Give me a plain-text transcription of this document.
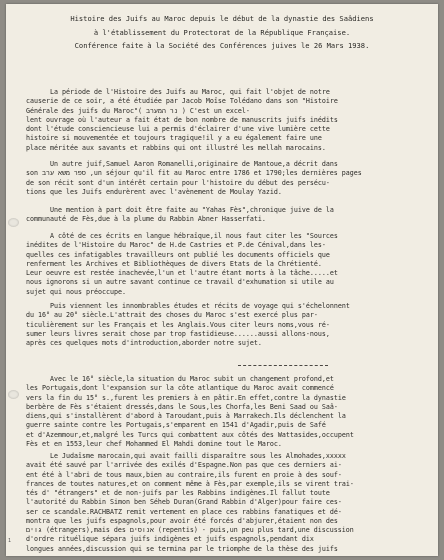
Histoire des Juifs au Maroc depuis le début de la dynastie des Saâdiens

à l'établissement du Protectorat de la République Française.

Conférence faite à la Société des Conférences juives le 26 Mars 1938.

La période de l'Histoire des Juifs au Maroc, qui fait l'objet de notre
causerie de ce soir, a été étudiée par Jacob Moïse Tolédano dans son "Histoire
Générale des juifs du Maroc"( נר המערב ) C'est un excel-
lent ouvrage où l'auteur a fait état de bon nombre de manuscrits juifs inédits
dont l'étude consciencieuse lui a permis d'éclairer d'une vive lumière cette
histoire si mouvementée et toujours tragique!il y a eu également faire une
place méritée aux savants et rabbins qui ont illustré les mellah marocains.
Un autre juif,Samuel Aaron Romanelli,originaire de Mantoue,a décrit dans
son ספר משא ערב ,un séjour qu'il fit au Maroc entre 1786 et 1790;les dernières pages
de son récit sont d'un intérêt certain pour l'histoire du début des persécu-
tions que les Juifs endurèrent avec l'avènement de Moulay Yazid.
Une mention à part doit être faite au "Yahas Fès",chronique juive de la
communauté de Fès,due à la plume du Rabbin Abner Hasserfati.
A côté de ces écrits en langue hébraïque,il nous faut citer les "Sources
inédites de l'Histoire du Maroc" de H.de Castries et P.de Cénival,dans les-
quelles ces infatigables travailleurs ont publié les documents officiels que
renferment les Archives et Bibliothèques de divers Etats de la Chrétienté.
Leur oeuvre est restée inachevée,l'un et l'autre étant morts à la tâche.....et
nous ignorons si un autre savant continue ce travail d'exhumation si utile au
sujet qui nous préoccupe.
Puis viennent les innombrables études et récits de voyage qui s'échelonnent
du 16° au 20° siècle.L'attrait des choses du Maroc s'est exercé plus par-
ticulièrement sur les Français et les Anglais.Vous citer leurs noms,vous ré-
sumer leurs livres serait chose par trop fastidieuse......aussi allons-nous,
après ces quelques mots d'introduction,aborder notre sujet.
Avec le 16° siècle,la situation du Maroc subit un changement profond,et
les Portugais,dont l'expansion sur la côte atlantique du Maroc avait commencé
vers la fin du 15° s.,furent les premiers à en pâtir.En effet,contre la dynastie
berbère de Fès s'étaient dressés,dans le Sous,les Chorfa,les Beni Saad ou Saâ-
diens,qui s'installèrent d'abord à Taroudant,puis à Marrakech.Ils déclenchent la
guerre sainte contre les Portugais,s'emparent en 1541 d'Agadir,puis de Safé
et d'Azemmour,et,malgré les Turcs qui combattent aux côtés des Wattasides,occupent
Fès et en 1553,leur chef Mohammed El Mahdi domine tout le Maroc.
Le Judaïsme marocain,qui avait failli disparaître sous les Almohades,xxxxx
avait été sauvé par l'arrivée des exilés d'Espagne.Non pas que ces derniers ai-
ent été à l'abri de tous maux,bien au contraire,ils furent en proie à des souf-
frances de toutes natures,et on comment même à Fès,par exemple,ils se virent trai-
tés d' "étrangers" et de non-juifs par les Rabbins indigènes.Il fallut toute
l'autorité du Rabbin Simon ben Séheb Duran(Grand Rabbin d'Alger)pour faire ces-
ser ce scandale.RACHBATZ remit vertement en place ces rabbins fanatiques et dé-
montra que les juifs espagnols,pour avoir été forcés d'abjurer,étaient non des
גוים (étrangers),mais des אנוסים (repentis) - puis,un peu plus tard,une discussion
d'ordre rituélique sépara juifs indigènes et juifs espagnols,pendant dix
longues années,discussion qui se termina par le triomphe de la thèse des juifs
1
